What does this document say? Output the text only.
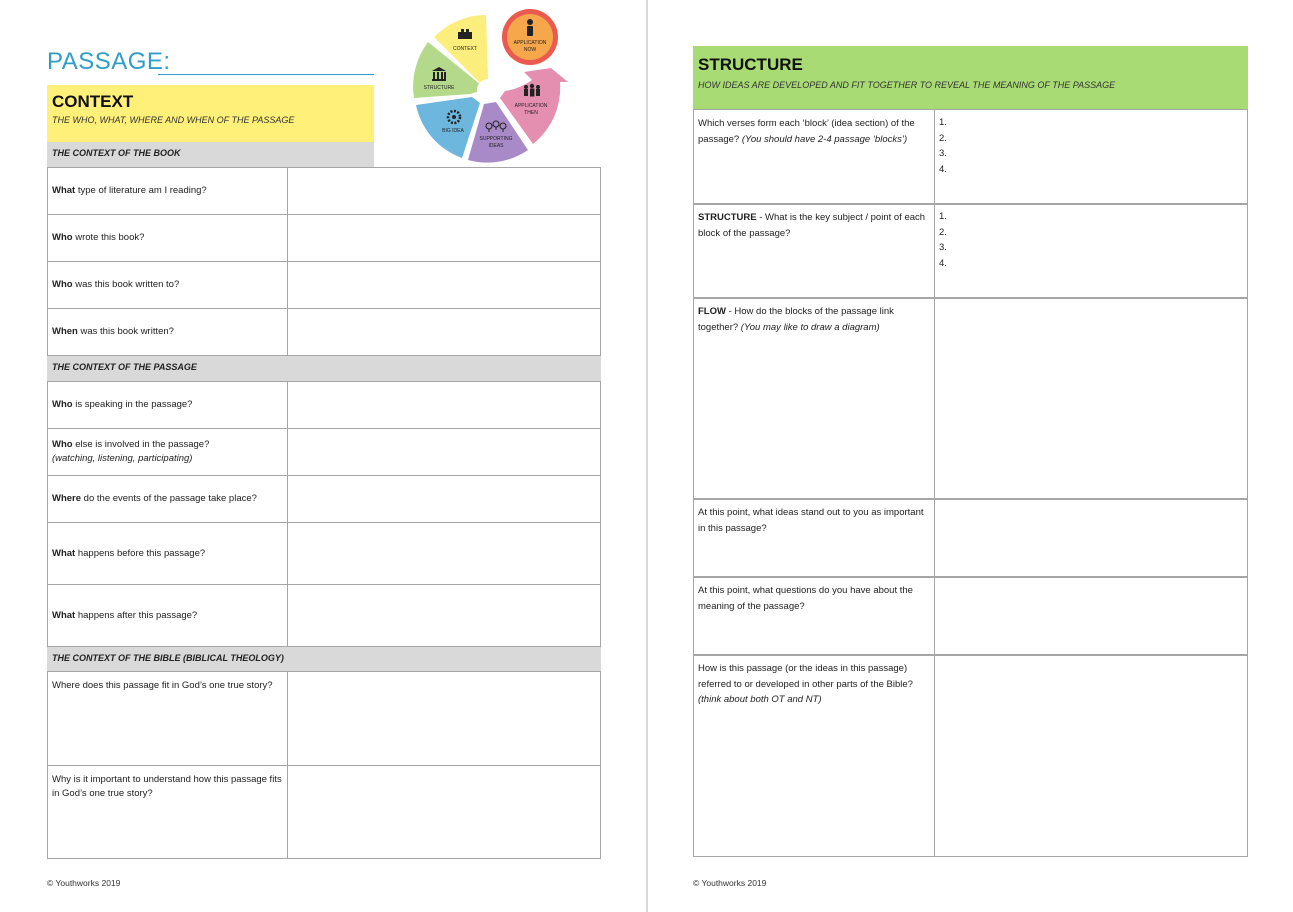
PASSAGE:
CONTEXT
THE WHO, WHAT, WHERE AND WHEN OF THE PASSAGE
THE CONTEXT OF THE BOOK
CONTEXT
STRUCTURE
BIG IDEA
SUPPORTING
IDEAS
APPLICATION
THEN
APPLICATION
NOW
What type of literature am I reading?
Who wrote this book?
Who was this book written to?
When was this book written?
THE CONTEXT OF THE PASSAGE
Who is speaking in the passage?
Who else is involved in the passage?
(watching, listening, participating)
Where do the events of the passage take place?
What happens before this passage?
What happens after this passage?
THE CONTEXT OF THE BIBLE (BIBLICAL THEOLOGY)
Where does this passage fit in God’s one true story?
Why is it important to understand how this passage fits in God’s one true story?
© Youthworks 2019
STRUCTURE
HOW IDEAS ARE DEVELOPED AND FIT TOGETHER TO REVEAL THE MEANING OF THE PASSAGE
Which verses form each ‘block’ (idea section) of the passage? (You should have 2-4 passage ‘blocks’)
1.
2.
3.
4.
STRUCTURE - What is the key subject / point of each block of the passage?
1.
2.
3.
4.
FLOW - How do the blocks of the passage link together? (You may like to draw a diagram)
At this point, what ideas stand out to you as important in this passage?
At this point, what questions do you have about the meaning of the passage?
How is this passage (or the ideas in this passage) referred to or developed in other parts of the Bible? (think about both OT and NT)
© Youthworks 2019
